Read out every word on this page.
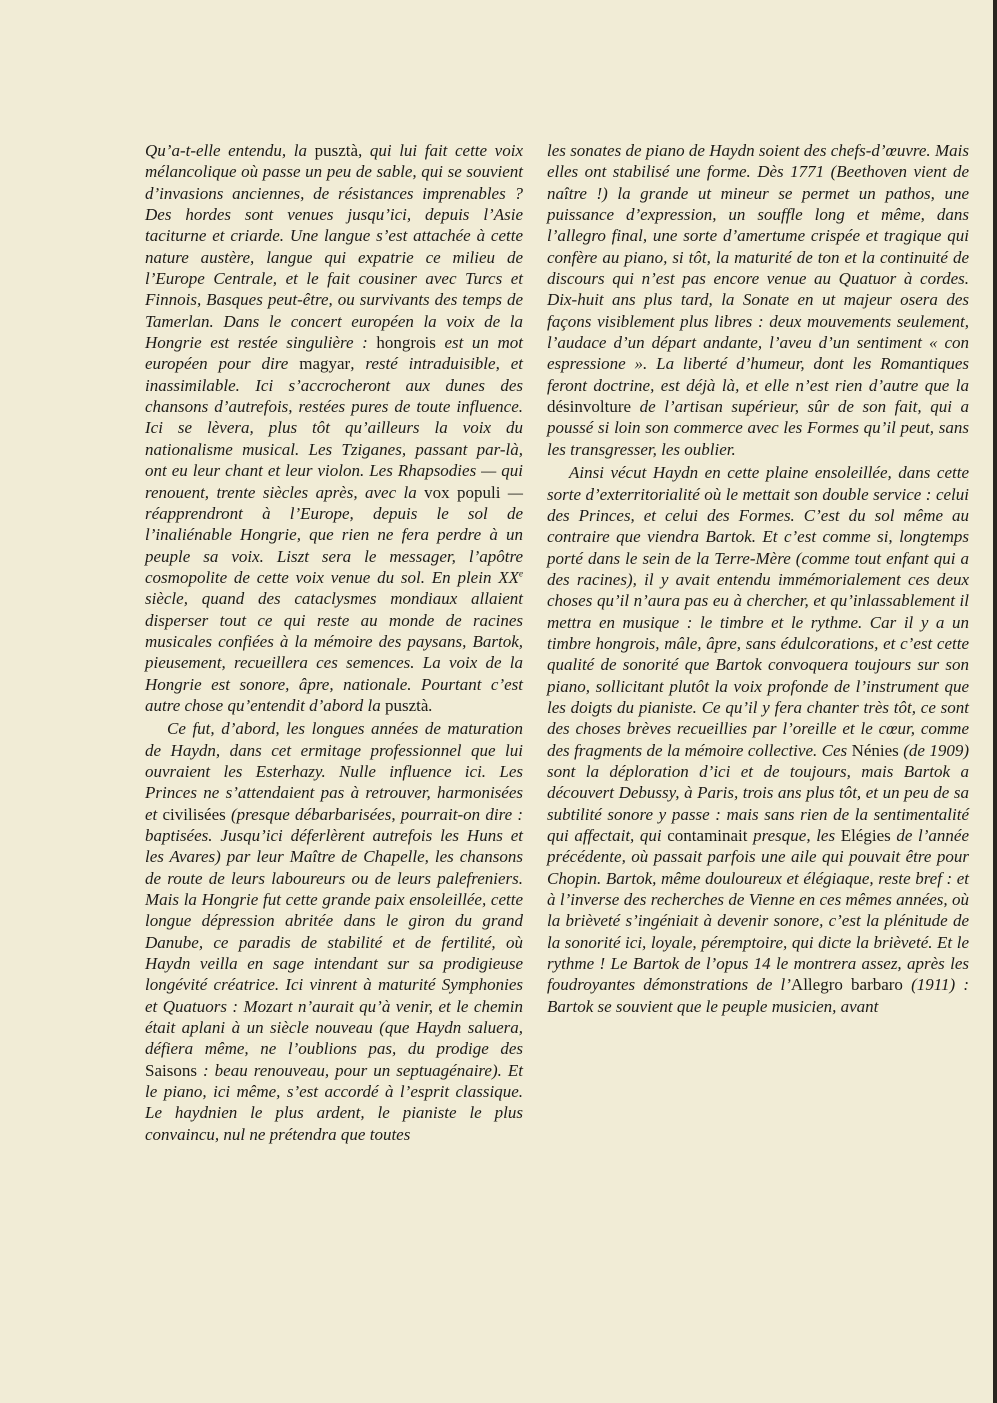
Qu’a-t-elle entendu, la pusztà, qui lui fait cette voix mélancolique où passe un peu de sable, qui se souvient d’invasions anciennes, de résistances imprenables ? Des hordes sont venues jusqu’ici, depuis l’Asie taciturne et criarde. Une langue s’est attachée à cette nature austère, langue qui expatrie ce milieu de l’Europe Centrale, et le fait cousiner avec Turcs et Finnois, Basques peut-être, ou survivants des temps de Tamerlan. Dans le concert européen la voix de la Hongrie est restée singulière : hongrois est un mot européen pour dire magyar, resté intraduisible, et inassimilable. Ici s’accrocheront aux dunes des chansons d’autrefois, restées pures de toute influence. Ici se lèvera, plus tôt qu’ailleurs la voix du nationalisme musical. Les Tziganes, passant par-là, ont eu leur chant et leur violon. Les Rhapsodies — qui renouent, trente siècles après, avec la vox populi — réapprendront à l’Europe, depuis le sol de l’inaliénable Hongrie, que rien ne fera perdre à un peuple sa voix. Liszt sera le messager, l’apôtre cosmopolite de cette voix venue du sol. En plein XXe siècle, quand des cataclysmes mondiaux allaient disperser tout ce qui reste au monde de racines musicales confiées à la mémoire des paysans, Bartok, pieusement, recueillera ces semences. La voix de la Hongrie est sonore, âpre, nationale. Pourtant c’est autre chose qu’entendit d’abord la pusztà.

Ce fut, d’abord, les longues années de maturation de Haydn, dans cet ermitage professionnel que lui ouvraient les Esterhazy. Nulle influence ici. Les Princes ne s’attendaient pas à retrouver, harmonisées et civilisées (presque débarbarisées, pourrait-on dire : baptisées. Jusqu’ici déferlèrent autrefois les Huns et les Avares) par leur Maître de Chapelle, les chansons de route de leurs laboureurs ou de leurs palefreniers. Mais la Hongrie fut cette grande paix ensoleillée, cette longue dépression abritée dans le giron du grand Danube, ce paradis de stabilité et de fertilité, où Haydn veilla en sage intendant sur sa prodigieuse longévité créatrice. Ici vinrent à maturité Symphonies et Quatuors : Mozart n’aurait qu’à venir, et le chemin était aplani à un siècle nouveau (que Haydn saluera, défiera même, ne l’oublions pas, du prodige des Saisons : beau renouveau, pour un septuagénaire). Et le piano, ici même, s’est accordé à l’esprit classique. Le haydnien le plus ardent, le pianiste le plus convaincu, nul ne prétendra que toutes

les sonates de piano de Haydn soient des chefs-d’œuvre. Mais elles ont stabilisé une forme. Dès 1771 (Beethoven vient de naître !) la grande ut mineur se permet un pathos, une puissance d’expression, un souffle long et même, dans l’allegro final, une sorte d’amertume crispée et tragique qui confère au piano, si tôt, la maturité de ton et la continuité de discours qui n’est pas encore venue au Quatuor à cordes. Dix-huit ans plus tard, la Sonate en ut majeur osera des façons visiblement plus libres : deux mouvements seulement, l’audace d’un départ andante, l’aveu d’un sentiment « con espressione ». La liberté d’humeur, dont les Romantiques feront doctrine, est déjà là, et elle n’est rien d’autre que la désinvolture de l’artisan supérieur, sûr de son fait, qui a poussé si loin son commerce avec les Formes qu’il peut, sans les transgresser, les oublier.

Ainsi vécut Haydn en cette plaine ensoleillée, dans cette sorte d’exterritorialité où le mettait son double service : celui des Princes, et celui des Formes. C’est du sol même au contraire que viendra Bartok. Et c’est comme si, longtemps porté dans le sein de la Terre-Mère (comme tout enfant qui a des racines), il y avait entendu immémorialement ces deux choses qu’il n’aura pas eu à chercher, et qu’inlassablement il mettra en musique : le timbre et le rythme. Car il y a un timbre hongrois, mâle, âpre, sans édulcorations, et c’est cette qualité de sonorité que Bartok convoquera toujours sur son piano, sollicitant plutôt la voix profonde de l’instrument que les doigts du pianiste. Ce qu’il y fera chanter très tôt, ce sont des choses brèves recueillies par l’oreille et le cœur, comme des fragments de la mémoire collective. Ces Nénies (de 1909) sont la déploration d’ici et de toujours, mais Bartok a découvert Debussy, à Paris, trois ans plus tôt, et un peu de sa subtilité sonore y passe : mais sans rien de la sentimentalité qui affectait, qui contaminait presque, les Elégies de l’année précédente, où passait parfois une aile qui pouvait être pour Chopin. Bartok, même douloureux et élégiaque, reste bref : et à l’inverse des recherches de Vienne en ces mêmes années, où la brièveté s’ingéniait à devenir sonore, c’est la plénitude de la sonorité ici, loyale, péremptoire, qui dicte la brièveté. Et le rythme ! Le Bartok de l’opus 14 le montrera assez, après les foudroyantes démonstrations de l’Allegro barbaro (1911) : Bartok se souvient que le peuple musicien, avant
